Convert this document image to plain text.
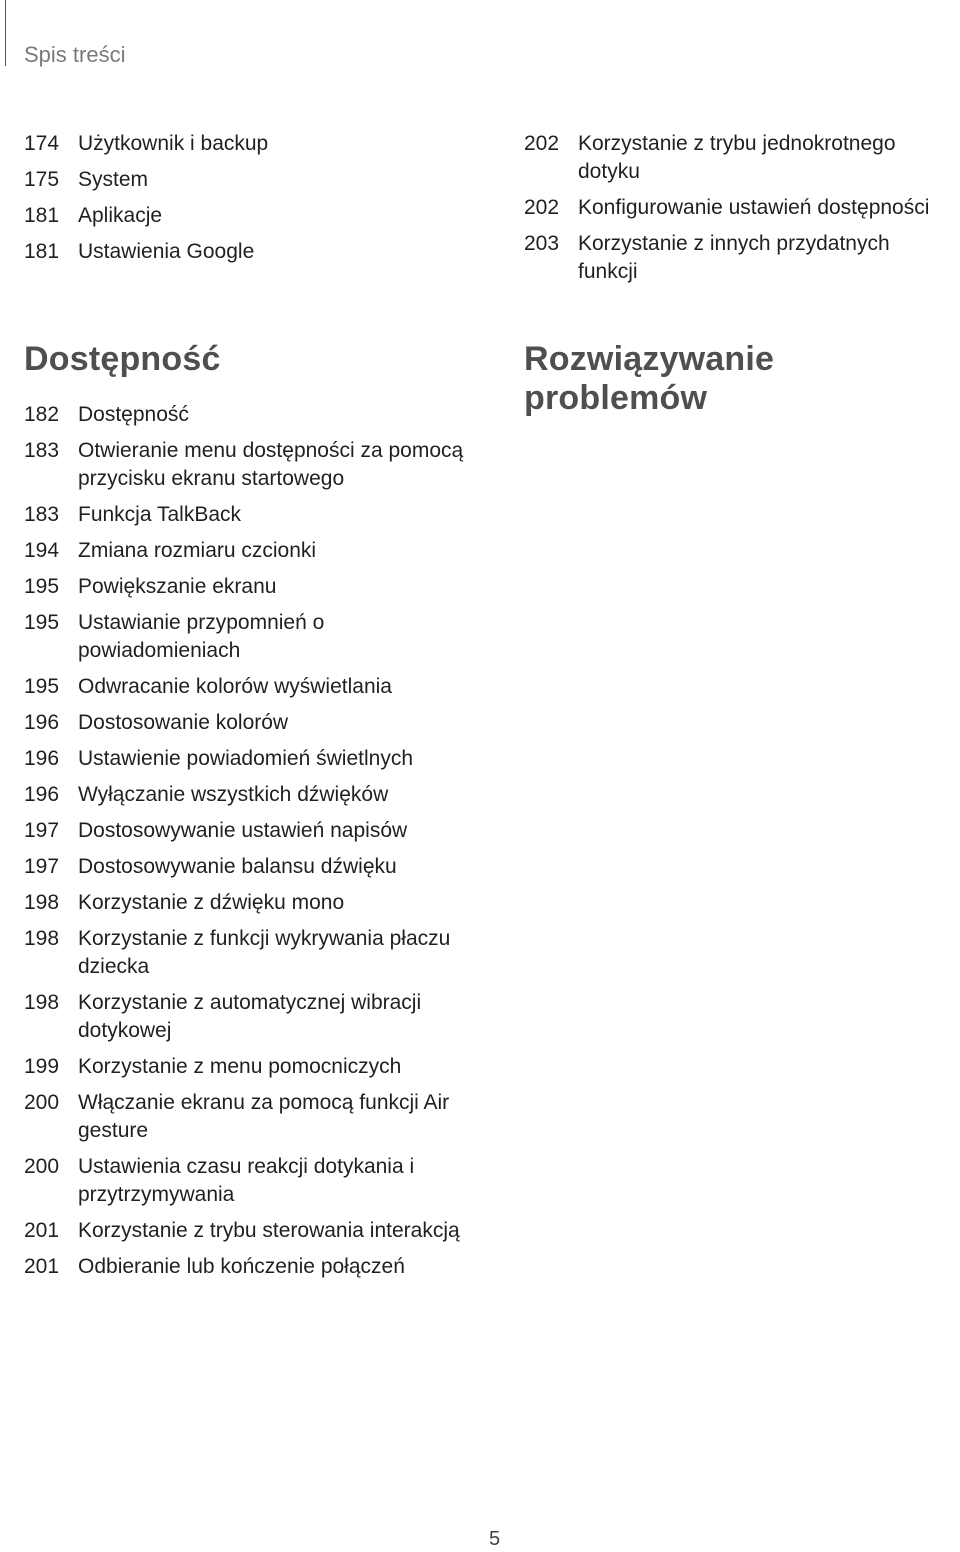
Spis treści
174 Użytkownik i backup
175 System
181 Aplikacje
181 Ustawienia Google
202 Korzystanie z trybu jednokrotnego dotyku
202 Konfigurowanie ustawień dostępności
203 Korzystanie z innych przydatnych funkcji
Dostępność
182 Dostępność
183 Otwieranie menu dostępności za pomocą przycisku ekranu startowego
183 Funkcja TalkBack
194 Zmiana rozmiaru czcionki
195 Powiększanie ekranu
195 Ustawianie przypomnień o powiadomieniach
195 Odwracanie kolorów wyświetlania
196 Dostosowanie kolorów
196 Ustawienie powiadomień świetlnych
196 Wyłączanie wszystkich dźwięków
197 Dostosowywanie ustawień napisów
197 Dostosowywanie balansu dźwięku
198 Korzystanie z dźwięku mono
198 Korzystanie z funkcji wykrywania płaczu dziecka
198 Korzystanie z automatycznej wibracji dotykowej
199 Korzystanie z menu pomocniczych
200 Włączanie ekranu za pomocą funkcji Air gesture
200 Ustawienia czasu reakcji dotykania i przytrzymywania
201 Korzystanie z trybu sterowania interakcją
201 Odbieranie lub kończenie połączeń
Rozwiązywanie problemów
5
